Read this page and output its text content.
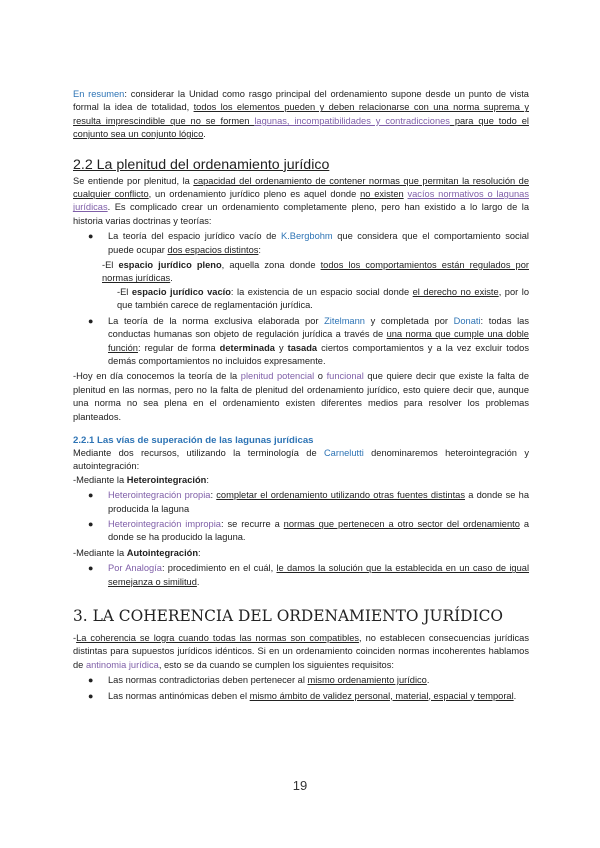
En resumen: considerar la Unidad como rasgo principal del ordenamiento supone desde un punto de vista formal la idea de totalidad, todos los elementos pueden y deben relacionarse con una norma suprema y resulta imprescindible que no se formen lagunas, incompatibilidades y contradicciones para que todo el conjunto sea un conjunto lógico.

2.2 La plenitud del ordenamiento jurídico

Se entiende por plenitud, la capacidad del ordenamiento de contener normas que permitan la resolución de cualquier conflicto, un ordenamiento jurídico pleno es aquel donde no existen vacíos normativos o lagunas jurídicas. Es complicado crear un ordenamiento completamente pleno, pero han existido a lo largo de la historia varias doctrinas y teorías:

● La teoría del espacio jurídico vacío de K.Bergbohm que considera que el comportamiento social puede ocupar dos espacios distintos:

-El espacio jurídico pleno, aquella zona donde todos los comportamientos están regulados por normas jurídicas.

-El espacio jurídico vacío: la existencia de un espacio social donde el derecho no existe, por lo que también carece de reglamentación jurídica.

● La teoría de la norma exclusiva elaborada por Zitelmann y completada por Donati: todas las conductas humanas son objeto de regulación jurídica a través de una norma que cumple una doble función: regular de forma determinada y tasada ciertos comportamientos y a la vez excluir todos demás comportamientos no incluidos expresamente.

-Hoy en día conocemos la teoría de la plenitud potencial o funcional que quiere decir que existe la falta de plenitud en las normas, pero no la falta de plenitud del ordenamiento jurídico, esto quiere decir que, aunque una norma no sea plena en el ordenamiento existen diferentes medios para resolver los problemas planteados.

2.2.1 Las vías de superación de las lagunas jurídicas

Mediante dos recursos, utilizando la terminología de Carnelutti denominaremos heterointegración y autointegración:

-Mediante la Heterointegración:

● Heterointegración propia: completar el ordenamiento utilizando otras fuentes distintas a donde se ha producida la laguna
● Heterointegración impropia: se recurre a normas que pertenecen a otro sector del ordenamiento a donde se ha producido la laguna.

-Mediante la Autointegración:

● Por Analogía: procedimiento en el cuál, le damos la solución que la establecida en un caso de igual semejanza o similitud.
3. LA COHERENCIA DEL ORDENAMIENTO JURÍDICO

-La coherencia se logra cuando todas las normas son compatibles, no establecen consecuencias jurídicas distintas para supuestos jurídicos idénticos. Si en un ordenamiento coinciden normas incoherentes hablamos de antinomia jurídica, esto se da cuando se cumplen los siguientes requisitos:

● Las normas contradictorias deben pertenecer al mismo ordenamiento jurídico.
● Las normas antinómicas deben el mismo ámbito de validez personal, material, espacial y temporal.
19
